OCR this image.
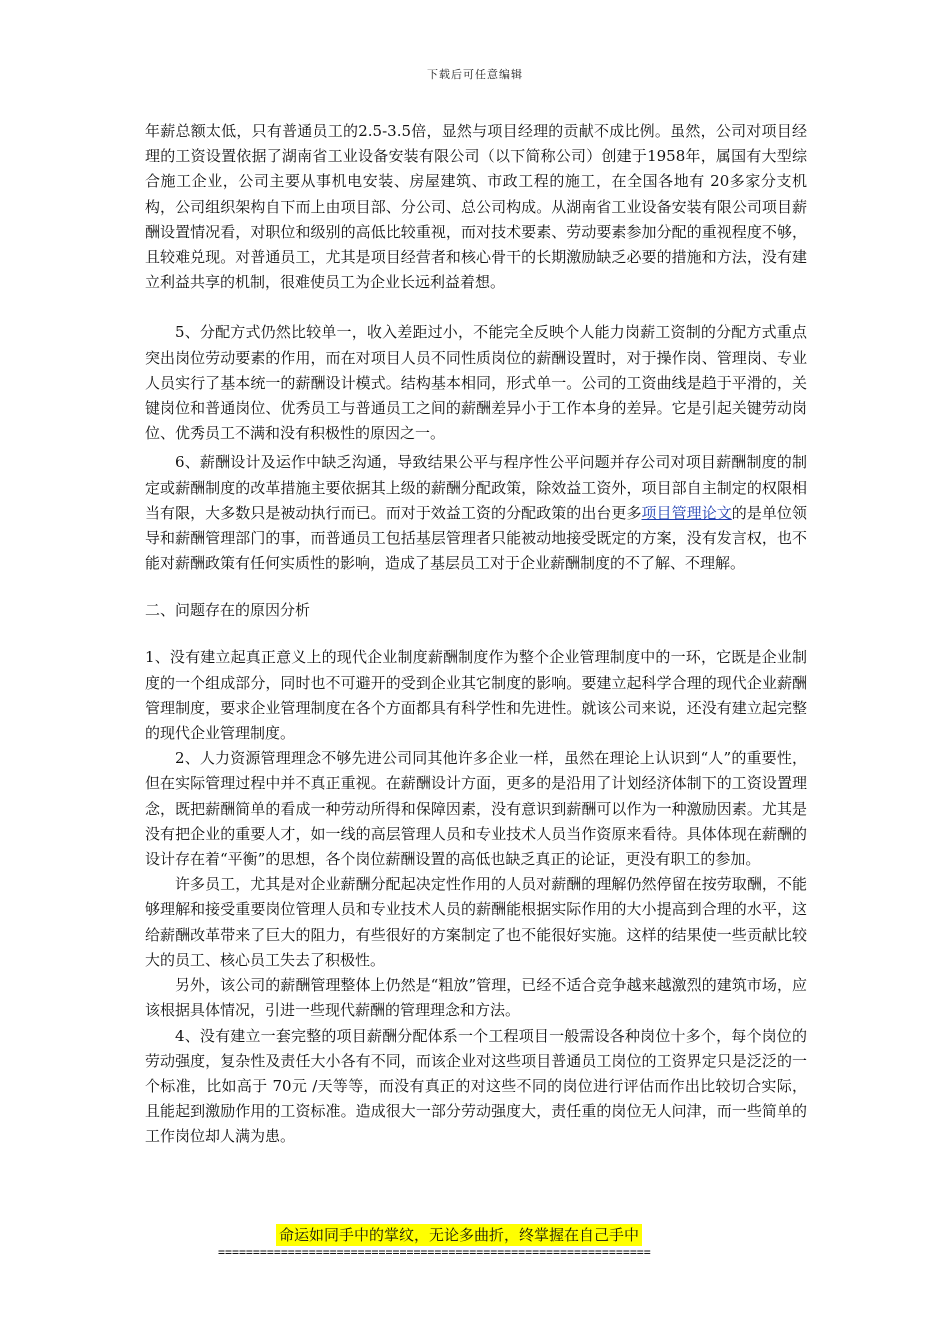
下载后可任意编辑

年薪总额太低，只有普通员工的2.5-3.5倍，显然与项目经理的贡献不成比例。虽然，公司对项目经理的工资设置依据了湖南省工业设备安装有限公司（以下简称公司）创建于1958年，属国有大型综合施工企业，公司主要从事机电安装、房屋建筑、市政工程的施工，在全国各地有 20多家分支机构，公司组织架构自下而上由项目部、分公司、总公司构成。从湖南省工业设备安装有限公司项目薪酬设置情况看，对职位和级别的高低比较重视，而对技术要素、劳动要素参加分配的重视程度不够，且较难兑现。对普通员工，尤其是项目经营者和核心骨干的长期激励缺乏必要的措施和方法，没有建立利益共享的机制，很难使员工为企业长远利益着想。

5、分配方式仍然比较单一，收入差距过小，不能完全反映个人能力岗薪工资制的分配方式重点突出岗位劳动要素的作用，而在对项目人员不同性质岗位的薪酬设置时，对于操作岗、管理岗、专业人员实行了基本统一的薪酬设计模式。结构基本相同，形式单一。公司的工资曲线是趋于平滑的，关键岗位和普通岗位、优秀员工与普通员工之间的薪酬差异小于工作本身的差异。它是引起关键劳动岗位、优秀员工不满和没有积极性的原因之一。

6、薪酬设计及运作中缺乏沟通，导致结果公平与程序性公平问题并存公司对项目薪酬制度的制定或薪酬制度的改革措施主要依据其上级的薪酬分配政策，除效益工资外，项目部自主制定的权限相当有限，大多数只是被动执行而已。而对于效益工资的分配政策的出台更多项目管理论文的是单位领导和薪酬管理部门的事，而普通员工包括基层管理者只能被动地接受既定的方案，没有发言权，也不能对薪酬政策有任何实质性的影响，造成了基层员工对于企业薪酬制度的不了解、不理解。

二、问题存在的原因分析

1、没有建立起真正意义上的现代企业制度薪酬制度作为整个企业管理制度中的一环，它既是企业制度的一个组成部分，同时也不可避开的受到企业其它制度的影响。要建立起科学合理的现代企业薪酬管理制度，要求企业管理制度在各个方面都具有科学性和先进性。就该公司来说，还没有建立起完整的现代企业管理制度。

2、人力资源管理理念不够先进公司同其他许多企业一样，虽然在理论上认识到“人”的重要性，但在实际管理过程中并不真正重视。在薪酬设计方面，更多的是沿用了计划经济体制下的工资设置理念，既把薪酬简单的看成一种劳动所得和保障因素，没有意识到薪酬可以作为一种激励因素。尤其是没有把企业的重要人才，如一线的高层管理人员和专业技术人员当作资原来看待。具体体现在薪酬的设计存在着“平衡”的思想，各个岗位薪酬设置的高低也缺乏真正的论证，更没有职工的参加。

许多员工，尤其是对企业薪酬分配起决定性作用的人员对薪酬的理解仍然停留在按劳取酬，不能够理解和接受重要岗位管理人员和专业技术人员的薪酬能根据实际作用的大小提高到合理的水平，这给薪酬改革带来了巨大的阻力，有些很好的方案制定了也不能很好实施。这样的结果使一些贡献比较大的员工、核心员工失去了积极性。

另外，该公司的薪酬管理整体上仍然是“粗放”管理，已经不适合竞争越来越激烈的建筑市场，应该根据具体情况，引进一些现代薪酬的管理理念和方法。

4、没有建立一套完整的项目薪酬分配体系一个工程项目一般需设各种岗位十多个，每个岗位的劳动强度，复杂性及责任大小各有不同，而该企业对这些项目普通员工岗位的工资界定只是泛泛的一个标准，比如高于 70元 /天等等，而没有真正的对这些不同的岗位进行评估而作出比较切合实际，且能起到激励作用的工资标准。造成很大一部分劳动强度大，责任重的岗位无人问津，而一些简单的工作岗位却人满为患。

命运如同手中的掌纹，无论多曲折，终掌握在自己手中
==============================================================
